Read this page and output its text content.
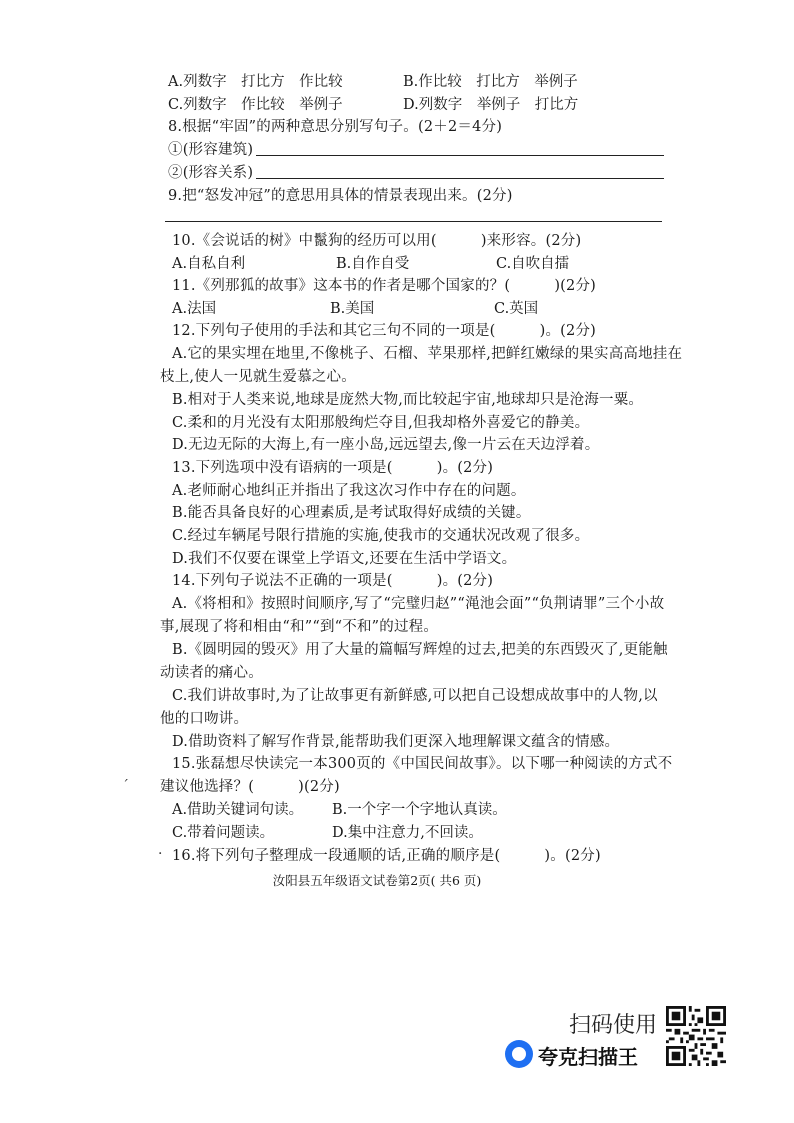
A.列数字　打比方　作比较	B.作比较　打比方　举例子
C.列数字　作比较　举例子	D.列数字　举例子　打比方
8.根据“牢固”的两种意思分别写句子。(2＋2＝4分)
①(形容建筑)
②(形容关系)
9.把“怒发冲冠”的意思用具体的情景表现出来。(2分)
10.《会说话的树》中鬣狗的经历可以用(　　　)来形容。(2分)
A.自私自利	B.自作自受	C.自吹自擂
11.《列那狐的故事》这本书的作者是哪个国家的？(　　　)(2分)
A.法国	B.美国	C.英国
12.下列句子使用的手法和其它三句不同的一项是(　　　)。(2分)
A.它的果实埋在地里,不像桃子、石榴、苹果那样,把鲜红嫩绿的果实高高地挂在
枝上,使人一见就生爱慕之心。
B.相对于人类来说,地球是庞然大物,而比较起宇宙,地球却只是沧海一粟。
C.柔和的月光没有太阳那般绚烂夺目,但我却格外喜爱它的静美。
D.无边无际的大海上,有一座小岛,远远望去,像一片云在天边浮着。
13.下列选项中没有语病的一项是(　　　)。(2分)
A.老师耐心地纠正并指出了我这次习作中存在的问题。
B.能否具备良好的心理素质,是考试取得好成绩的关键。
C.经过车辆尾号限行措施的实施,使我市的交通状况改观了很多。
D.我们不仅要在课堂上学语文,还要在生活中学语文。
14.下列句子说法不正确的一项是(　　　)。(2分)
A.《将相和》按照时间顺序,写了“完璧归赵”“渑池会面”“负荆请罪”三个小故
事,展现了将和相由“和”“到“不和”的过程。
B.《圆明园的毁灭》用了大量的篇幅写辉煌的过去,把美的东西毁灭了,更能触
动读者的痛心。
C.我们讲故事时,为了让故事更有新鲜感,可以把自己设想成故事中的人物,以
他的口吻讲。
D.借助资料了解写作背景,能帮助我们更深入地理解课文蕴含的情感。
15.张磊想尽快读完一本300页的《中国民间故事》。以下哪一种阅读的方式不
ˊ 建议他选择？(　　　)(2分)
A.借助关键词句读。 B.一个字一个字地认真读。
C.带着问题读。	D.集中注意力,不回读。
· 16.将下列句子整理成一段通顺的话,正确的顺序是(　　　)。(2分)
汝阳县五年级语文试卷第2页( 共6 页)
扫码使用
夸克扫描王
